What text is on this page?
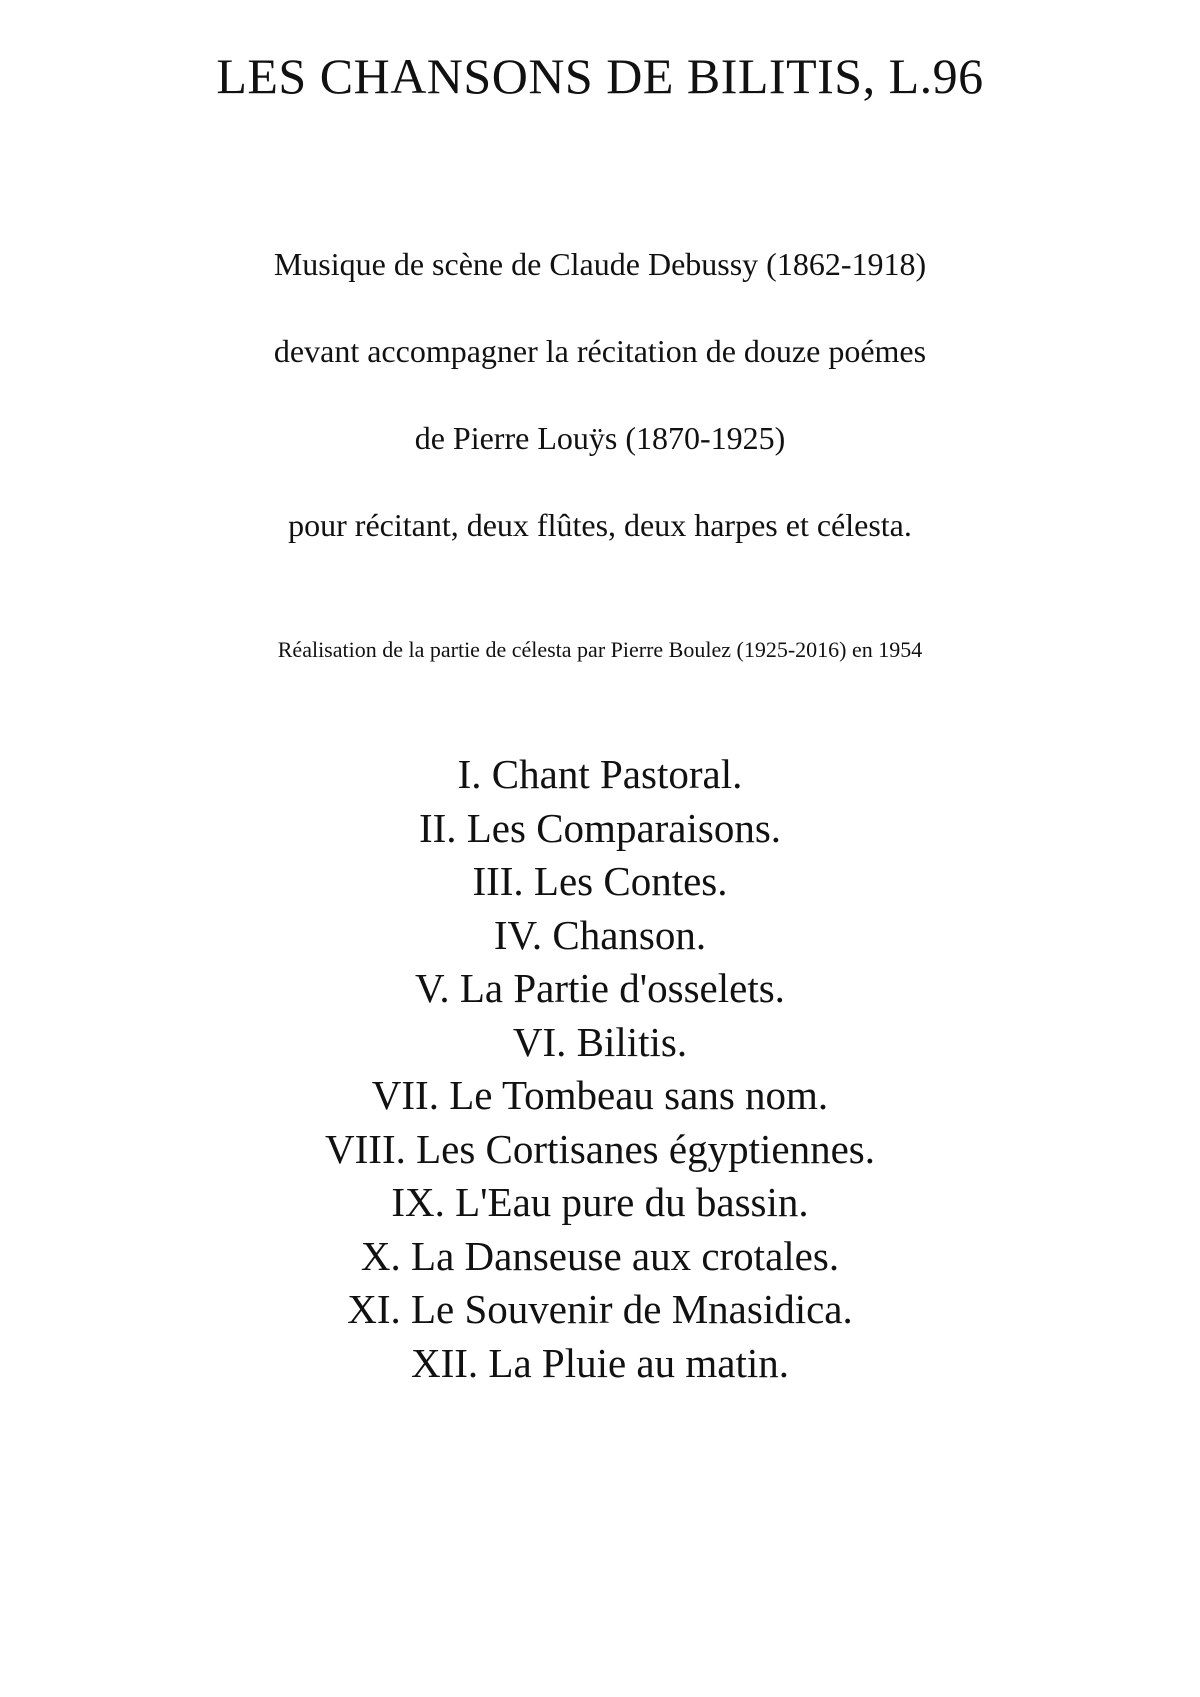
LES CHANSONS DE BILITIS, L.96

Musique de scène de Claude Debussy (1862-1918)

devant accompagner la récitation de douze poémes

de Pierre Louÿs (1870-1925)

pour récitant, deux flûtes, deux harpes et célesta.

Réalisation de la partie de célesta par Pierre Boulez (1925-2016) en 1954

I. Chant Pastoral.
II. Les Comparaisons.
III. Les Contes.
IV. Chanson.
V. La Partie d'osselets.
VI. Bilitis.
VII. Le Tombeau sans nom.
VIII. Les Cortisanes égyptiennes.
IX. L'Eau pure du bassin.
X. La Danseuse aux crotales.
XI. Le Souvenir de Mnasidica.
XII. La Pluie au matin.
